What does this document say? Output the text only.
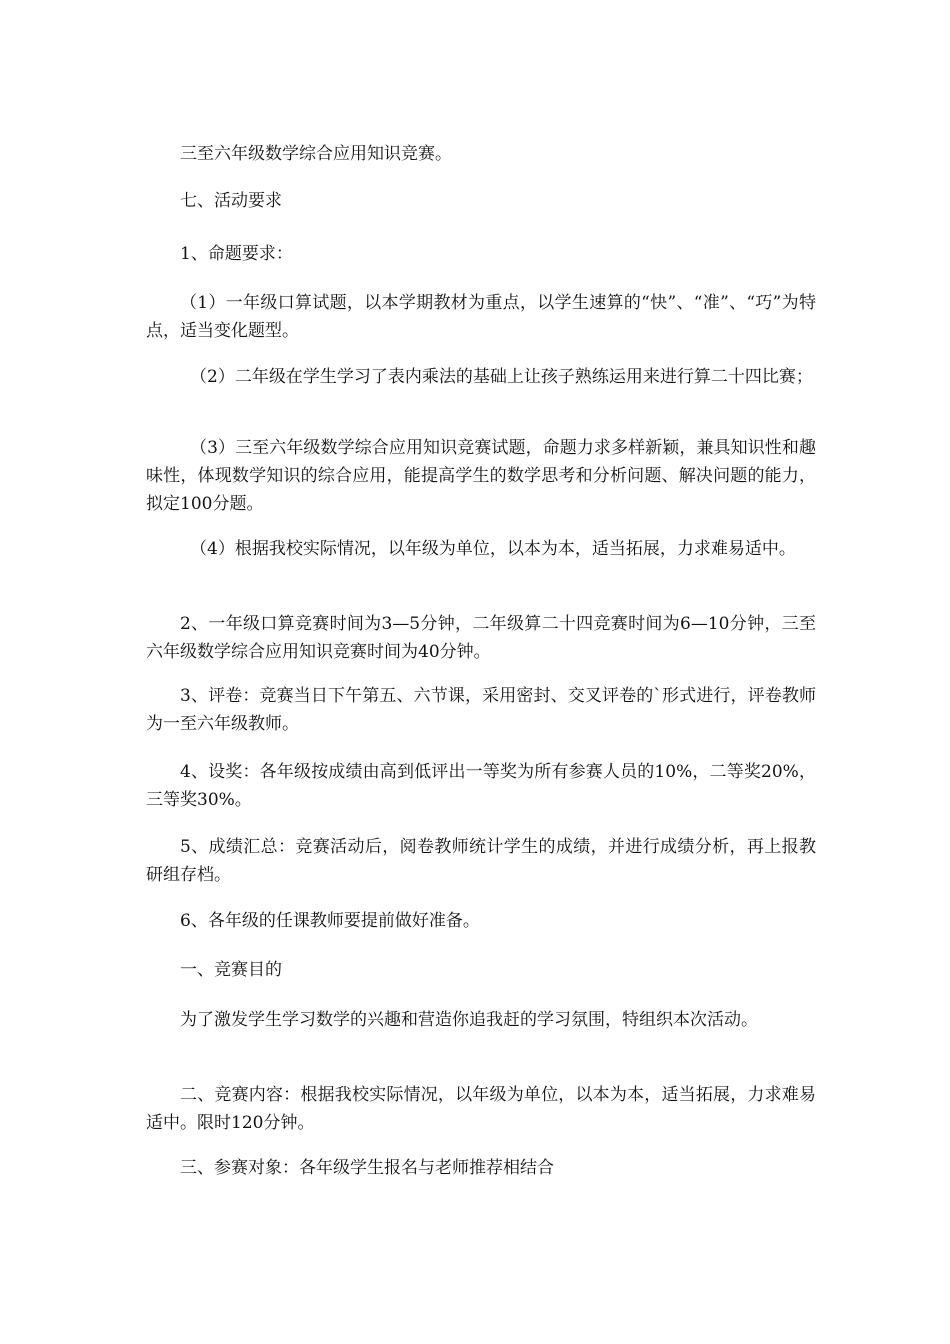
三至六年级数学综合应用知识竞赛。

七、活动要求

1、命题要求：

（1）一年级口算试题，以本学期教材为重点，以学生速算的“快”、“准”、“巧”为特点，适当变化题型。

（2）二年级在学生学习了表内乘法的基础上让孩子熟练运用来进行算二十四比赛；

（3）三至六年级数学综合应用知识竞赛试题，命题力求多样新颖，兼具知识性和趣味性，体现数学知识的综合应用，能提高学生的数学思考和分析问题、解决问题的能力，拟定100分题。

（4）根据我校实际情况，以年级为单位，以本为本，适当拓展，力求难易适中。

2、一年级口算竞赛时间为3—5分钟，二年级算二十四竞赛时间为6—10分钟，三至六年级数学综合应用知识竞赛时间为40分钟。

3、评卷：竞赛当日下午第五、六节课，采用密封、交叉评卷的`形式进行，评卷教师为一至六年级教师。

4、设奖：各年级按成绩由高到低评出一等奖为所有参赛人员的10%，二等奖20%，三等奖30%。

5、成绩汇总：竞赛活动后，阅卷教师统计学生的成绩，并进行成绩分析，再上报教研组存档。

6、各年级的任课教师要提前做好准备。

一、竞赛目的

为了激发学生学习数学的兴趣和营造你追我赶的学习氛围，特组织本次活动。

二、竞赛内容：根据我校实际情况，以年级为单位，以本为本，适当拓展，力求难易适中。限时120分钟。

三、参赛对象：各年级学生报名与老师推荐相结合
